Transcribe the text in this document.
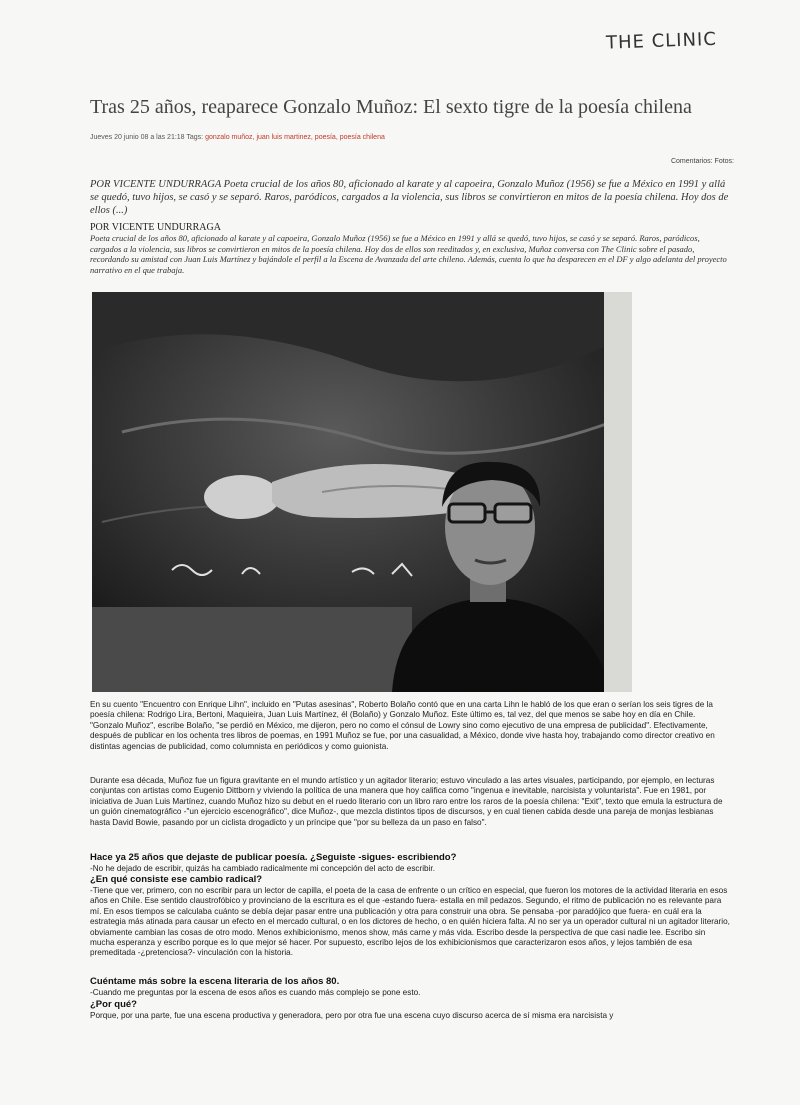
THE CLINIC
Tras 25 años, reaparece Gonzalo Muñoz: El sexto tigre de la poesía chilena
Jueves 20 junio 08 a las 21:18 Tags: gonzalo muñoz, juan luis martinez, poesía, poesía chilena
Comentarios: Fotos:
POR VICENTE UNDURRAGA Poeta crucial de los años 80, aficionado al karate y al capoeira, Gonzalo Muñoz (1956) se fue a México en 1991 y allá se quedó, tuvo hijos, se casó y se separó. Raros, paródicos, cargados a la violencia, sus libros se convirtieron en mitos de la poesía chilena. Hoy dos de ellos (...)
POR VICENTE UNDURRAGA
Poeta crucial de los años 80, aficionado al karate y al capoeira, Gonzalo Muñoz (1956) se fue a México en 1991 y allá se quedó, tuvo hijos, se casó y se separó. Raros, paródicos, cargados a la violencia, sus libros se convirtieron en mitos de la poesía chilena. Hoy dos de ellos son reeditados y, en exclusiva, Muñoz conversa con The Clinic sobre el pasado, recordando su amistad con Juan Luis Martínez y bajándole el perfil a la Escena de Avanzada del arte chileno. Además, cuenta lo que ha desparecen en el DF y algo adelanta del proyecto narrativo en el que trabaja.

En su cuento "Encuentro con Enrique Lihn", incluido en "Putas asesinas", Roberto Bolaño contó que en una carta Lihn le habló de los que eran o serían los seis tigres de la poesía chilena: Rodrigo Lira, Bertoni, Maquieira, Juan Luis Martínez, él (Bolaño) y Gonzalo Muñoz. Este último es, tal vez, del que menos se sabe hoy en día en Chile. "Gonzalo Muñoz", escribe Bolaño, "se perdió en México, me dijeron, pero no como el cónsul de Lowry sino como ejecutivo de una empresa de publicidad". Efectivamente, después de publicar en los ochenta tres libros de poemas, en 1991 Muñoz se fue, por una casualidad, a México, donde vive hasta hoy, trabajando como director creativo en distintas agencias de publicidad, como columnista en periódicos y como guionista.

Durante esa década, Muñoz fue un figura gravitante en el mundo artístico y un agitador literario; estuvo vinculado a las artes visuales, participando, por ejemplo, en lecturas conjuntas con artistas como Eugenio Dittborn y viviendo la política de una manera que hoy califica como "ingenua e inevitable, narcisista y voluntarista". Fue en 1981, por iniciativa de Juan Luis Martínez, cuando Muñoz hizo su debut en el ruedo literario con un libro raro entre los raros de la poesía chilena: "Exit", texto que emula la estructura de un guión cinematográfico -"un ejercicio escenográfico", dice Muñoz-, que mezcla distintos tipos de discursos, y en cual tienen cabida desde una pareja de monjas lesbianas hasta David Bowie, pasando por un ciclista drogadicto y un príncipe que "por su belleza da un paso en falso".

Hace ya 25 años que dejaste de publicar poesía. ¿Seguiste -sigues- escribiendo?

-No he dejado de escribir, quizás ha cambiado radicalmente mi concepción del acto de escribir.

¿En qué consiste ese cambio radical?

-Tiene que ver, primero, con no escribir para un lector de capilla, el poeta de la casa de enfrente o un crítico en especial, que fueron los motores de la actividad literaria en esos años en Chile. Ese sentido claustrofóbico y provinciano de la escritura es el que -estando fuera- estalla en mil pedazos. Segundo, el ritmo de publicación no es relevante para mí. En esos tiempos se calculaba cuánto se debía dejar pasar entre una publicación y otra para construir una obra. Se pensaba -por paradójico que fuera- en cuál era la estrategia más atinada para causar un efecto en el mercado cultural, o en los dictores de hecho, o en quién hiciera falta. Al no ser ya un operador cultural ni un agitador literario, obviamente cambian las cosas de otro modo. Menos exhibicionismo, menos show, más carne y más vida. Escribo desde la perspectiva de que casi nadie lee. Escribo sin mucha esperanza y escribo porque es lo que mejor sé hacer. Por supuesto, escribo lejos de los exhibicionismos que caracterizaron esos años, y lejos también de esa premeditada -¿pretenciosa?- vinculación con la historia.

Cuéntame más sobre la escena literaria de los años 80.

-Cuando me preguntas por la escena de esos años es cuando más complejo se pone esto.

¿Por qué?

Porque, por una parte, fue una escena productiva y generadora, pero por otra fue una escena cuyo discurso acerca de sí misma era narcisista y
